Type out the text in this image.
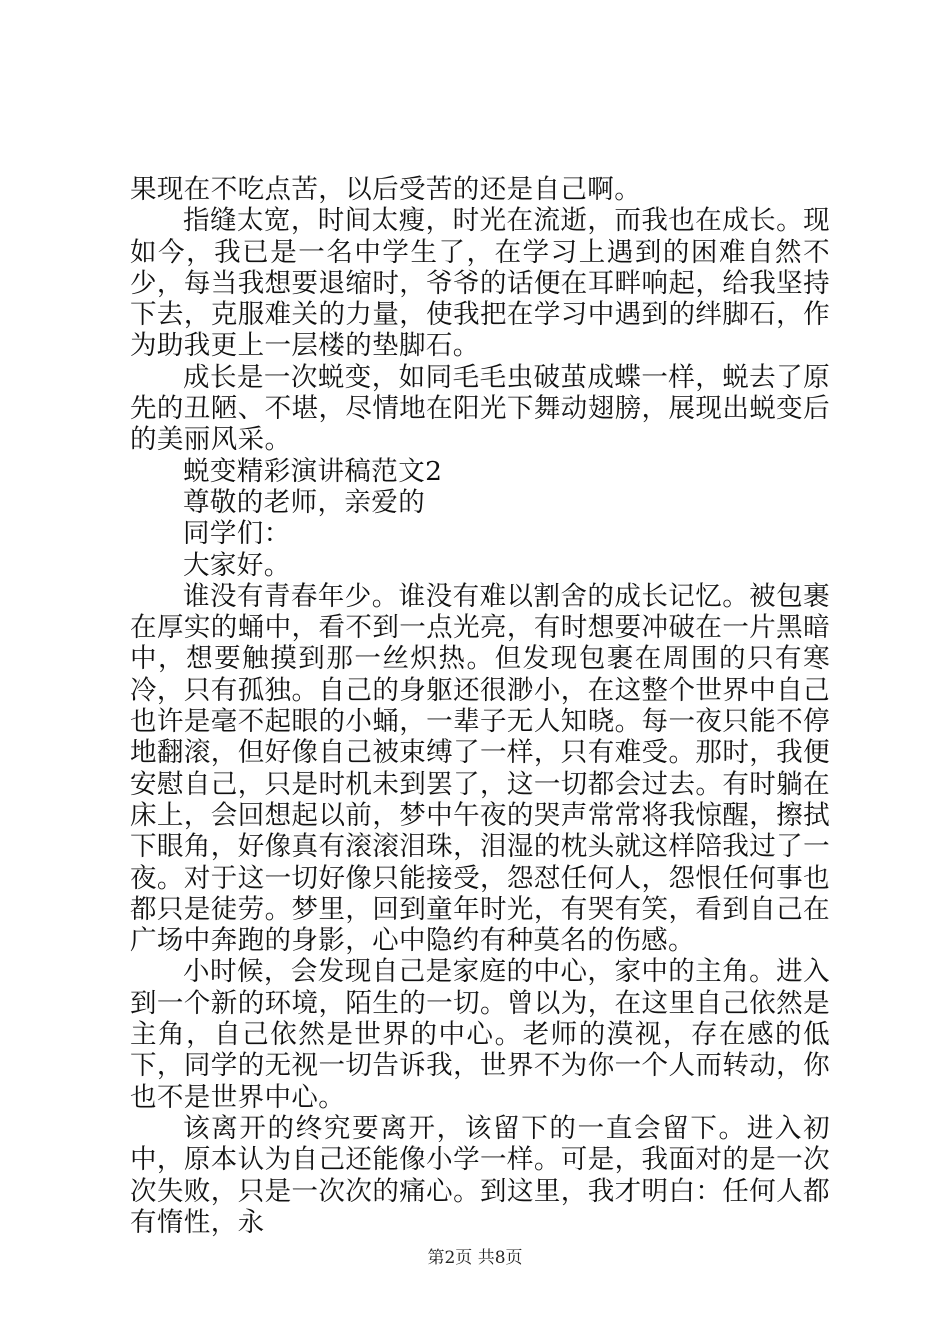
果现在不吃点苦，以后受苦的还是自己啊。

指缝太宽，时间太瘦，时光在流逝，而我也在成长。现如今，我已是一名中学生了，在学习上遇到的困难自然不少，每当我想要退缩时，爷爷的话便在耳畔响起，给我坚持下去，克服难关的力量，使我把在学习中遇到的绊脚石，作为助我更上一层楼的垫脚石。

成长是一次蜕变，如同毛毛虫破茧成蝶一样，蜕去了原先的丑陋、不堪，尽情地在阳光下舞动翅膀，展现出蜕变后的美丽风采。

蜕变精彩演讲稿范文2

尊敬的老师，亲爱的

同学们：

大家好。

谁没有青春年少。谁没有难以割舍的成长记忆。被包裹在厚实的蛹中，看不到一点光亮，有时想要冲破在一片黑暗中，想要触摸到那一丝炽热。但发现包裹在周围的只有寒冷，只有孤独。自己的身躯还很渺小，在这整个世界中自己也许是毫不起眼的小蛹，一辈子无人知晓。每一夜只能不停地翻滚，但好像自己被束缚了一样，只有难受。那时，我便安慰自己，只是时机未到罢了，这一切都会过去。有时躺在床上，会回想起以前，梦中午夜的哭声常常将我惊醒，擦拭下眼角，好像真有滚滚泪珠，泪湿的枕头就这样陪我过了一夜。对于这一切好像只能接受，怨怼任何人，怨恨任何事也都只是徒劳。梦里，回到童年时光，有哭有笑，看到自己在广场中奔跑的身影，心中隐约有种莫名的伤感。

小时候，会发现自己是家庭的中心，家中的主角。进入到一个新的环境，陌生的一切。曾以为，在这里自己依然是主角，自己依然是世界的中心。老师的漠视，存在感的低下，同学的无视一切告诉我，世界不为你一个人而转动，你也不是世界中心。

该离开的终究要离开，该留下的一直会留下。进入初中，原本认为自己还能像小学一样。可是，我面对的是一次次失败，只是一次次的痛心。到这里，我才明白：任何人都有惰性，永

第2页 共8页
